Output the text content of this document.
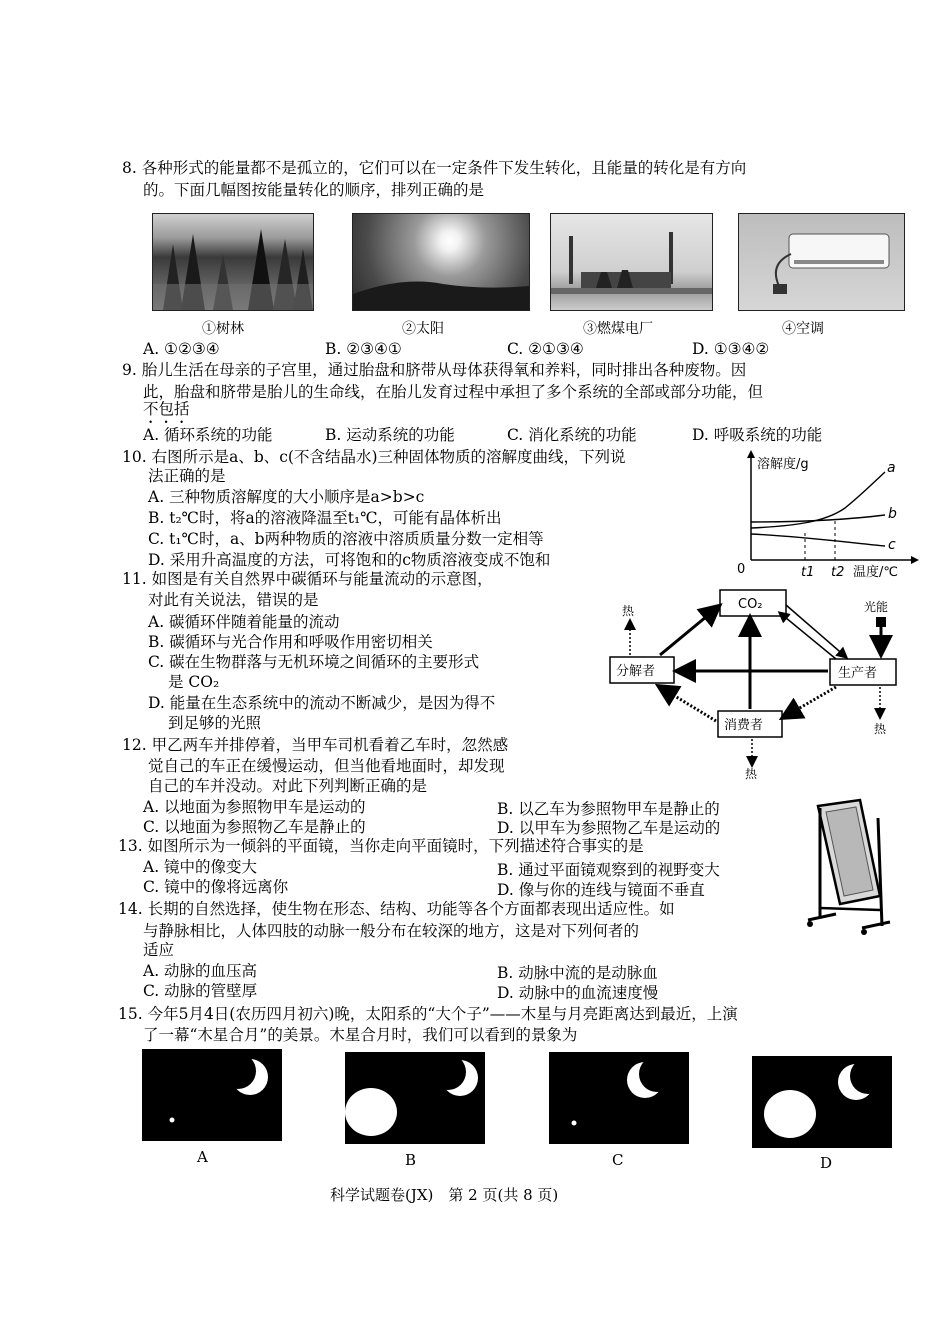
8. 各种形式的能量都不是孤立的，它们可以在一定条件下发生转化，且能量的转化是有方向
的。下面几幅图按能量转化的顺序，排列正确的是
①树林	②太阳	③燃煤电厂	④空调
A. ①②③④	B. ②③④①	C. ②①③④	D. ①③④②
9. 胎儿生活在母亲的子宫里，通过胎盘和脐带从母体获得氧和养料，同时排出各种废物。因
此，胎盘和脐带是胎儿的生命线，在胎儿发育过程中承担了多个系统的全部或部分功能，但
不包括
A. 循环系统的功能	B. 运动系统的功能	C. 消化系统的功能	D. 呼吸系统的功能
10. 右图所示是a、b、c(不含结晶水)三种固体物质的溶解度曲线，下列说
法正确的是
A. 三种物质溶解度的大小顺序是a>b>c
B. t₂℃时，将a的溶液降温至t₁℃，可能有晶体析出
C. t₁℃时，a、b两种物质的溶液中溶质质量分数一定相等
D. 采用升高温度的方法，可将饱和的c物质溶液变成不饱和
溶解度/g
0	t1 t2 温度/℃
a
b
c
11. 如图是有关自然界中碳循环与能量流动的示意图，
对此有关说法，错误的是
A. 碳循环伴随着能量的流动
B. 碳循环与光合作用和呼吸作用密切相关
C. 碳在生物群落与无机环境之间循环的主要形式
是 CO₂
D. 能量在生态系统中的流动不断减少，是因为得不
到足够的光照
CO₂
分解者	生产者
消费者
光能
热
热
热
12. 甲乙两车并排停着，当甲车司机看着乙车时，忽然感
觉自己的车正在缓慢运动，但当他看地面时，却发现
自己的车并没动。对此下列判断正确的是
A. 以地面为参照物甲车是运动的	B. 以乙车为参照物甲车是静止的
C. 以地面为参照物乙车是静止的	D. 以甲车为参照物乙车是运动的
13. 如图所示为一倾斜的平面镜，当你走向平面镜时，下列描述符合事实的是
A. 镜中的像变大	B. 通过平面镜观察到的视野变大
C. 镜中的像将远离你	D. 像与你的连线与镜面不垂直
14. 长期的自然选择，使生物在形态、结构、功能等各个方面都表现出适应性。如
与静脉相比，人体四肢的动脉一般分布在较深的地方，这是对下列何者的
适应
A. 动脉的血压高	B. 动脉中流的是动脉血
C. 动脉的管壁厚	D. 动脉中的血流速度慢
15. 今年5月4日(农历四月初六)晚，太阳系的“大个子”——木星与月亮距离达到最近，上演
了一幕“木星合月”的美景。木星合月时，我们可以看到的景象为
A	B	C	D
科学试题卷(JX)　第 2 页(共 8 页)
